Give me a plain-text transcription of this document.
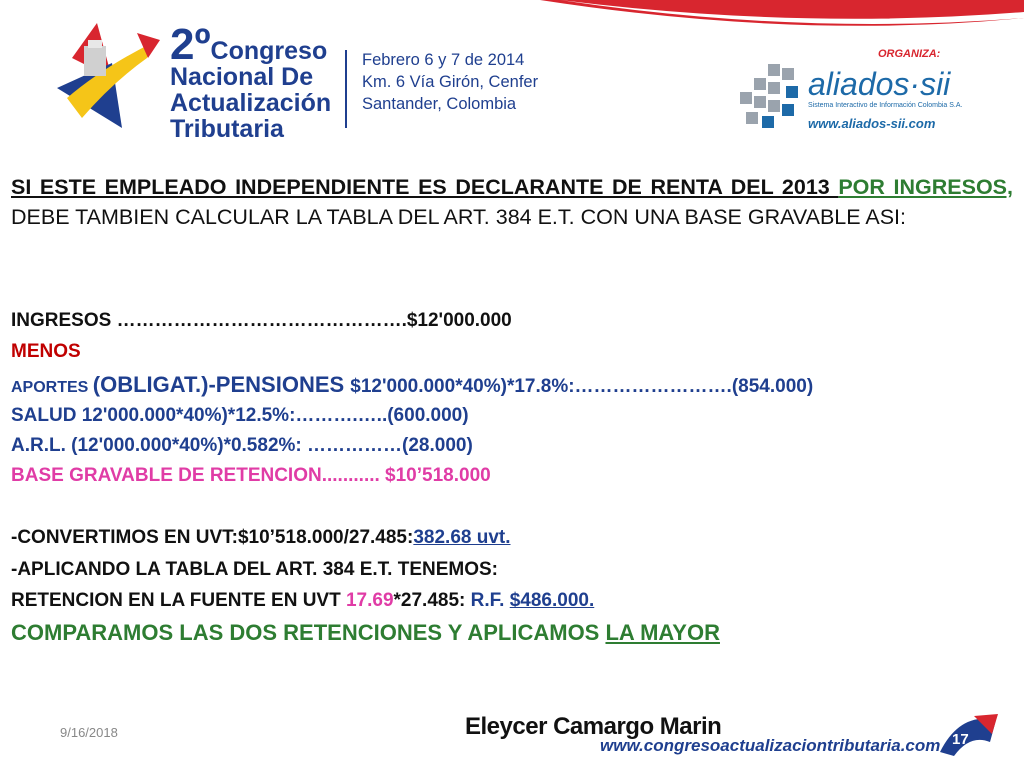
2ºCongreso
Nacional De
Actualización
Tributaria
Febrero 6 y 7 de 2014
Km. 6 Vía Girón, Cenfer
Santander, Colombia
ORGANIZA:
aliados·sii
Sistema Interactivo de Información Colombia S.A.
www.aliados-sii.com
SI ESTE EMPLEADO INDEPENDIENTE ES DECLARANTE DE RENTA DEL 2013 POR INGRESOS, DEBE TAMBIEN CALCULAR LA TABLA DEL ART. 384 E.T. CON UNA BASE GRAVABLE ASI:
INGRESOS ……………………………………….$12'000.000
MENOS
APORTES (OBLIGAT.)-PENSIONES $12'000.000*40%)*17.8%:…………………….(854.000)
SALUD 12'000.000*40%)*12.5%:……….…..(600.000)
A.R.L. (12'000.000*40%)*0.582%: ……………(28.000)
BASE GRAVABLE DE RETENCION........... $10’518.000
-CONVERTIMOS EN UVT:$10’518.000/27.485:382.68 uvt.
-APLICANDO LA TABLA DEL ART. 384 E.T. TENEMOS:
RETENCION EN LA FUENTE EN UVT 17.69*27.485: R.F. $486.000.
COMPARAMOS LAS DOS RETENCIONES Y APLICAMOS LA MAYOR
9/16/2018	Eleycer Camargo Marin	17
www.congresoactualizaciontributaria.com
